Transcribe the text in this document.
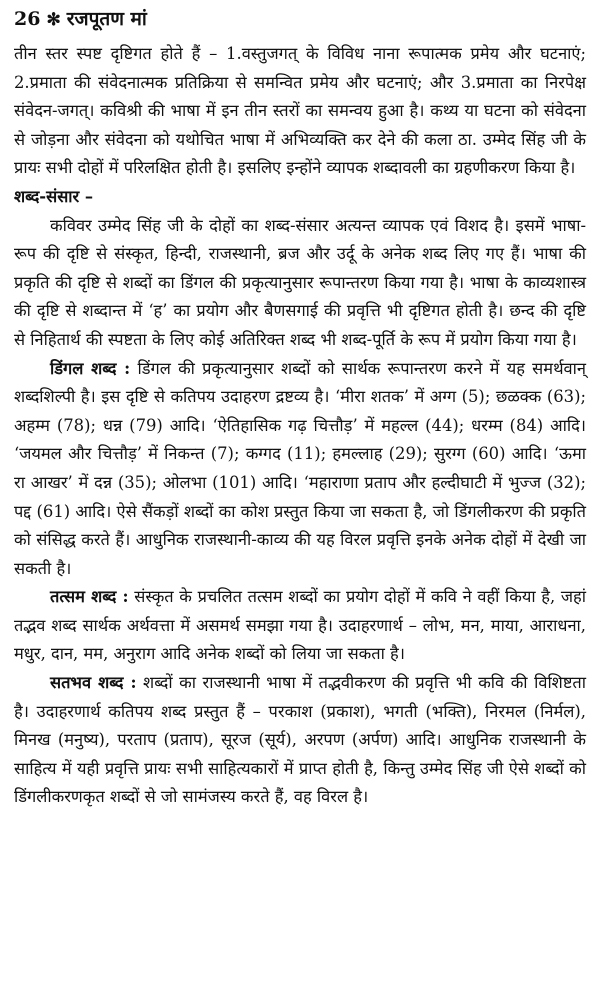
26 ✻ रजपूतण मां

तीन स्तर स्पष्ट दृष्टिगत होते हैं – 1.वस्तुजगत् के विविध नाना रूपात्मक प्रमेय और घटनाएं; 2.प्रमाता की संवेदनात्मक प्रतिक्रिया से समन्वित प्रमेय और घटनाएं; और 3.प्रमाता का निरपेक्ष संवेदन-जगत्। कविश्री की भाषा में इन तीन स्तरों का समन्वय हुआ है। कथ्य या घटना को संवेदना से जोड़ना और संवेदना को यथोचित भाषा में अभिव्यक्ति कर देने की कला ठा. उम्मेद सिंह जी के प्रायः सभी दोहों में परिलक्षित होती है। इसलिए इन्होंने व्यापक शब्दावली का ग्रहणीकरण किया है।

शब्द-संसार –

कविवर उम्मेद सिंह जी के दोहों का शब्द-संसार अत्यन्त व्यापक एवं विशद है। इसमें भाषा-रूप की दृष्टि से संस्कृत, हिन्दी, राजस्थानी, ब्रज और उर्दू के अनेक शब्द लिए गए हैं। भाषा की प्रकृति की दृष्टि से शब्दों का डिंगल की प्रकृत्यानुसार रूपान्तरण किया गया है। भाषा के काव्यशास्त्र की दृष्टि से शब्दान्त में ‘ह’ का प्रयोग और बैणसगाई की प्रवृत्ति भी दृष्टिगत होती है। छन्द की दृष्टि से निहितार्थ की स्पष्टता के लिए कोई अतिरिक्त शब्द भी शब्द-पूर्ति के रूप में प्रयोग किया गया है।

डिंगल शब्द : डिंगल की प्रकृत्यानुसार शब्दों को सार्थक रूपान्तरण करने में यह समर्थवान् शब्दशिल्पी है। इस दृष्टि से कतिपय उदाहरण द्रष्टव्य है। ‘मीरा शतक’ में अग्ग (5); छळक्क (63); अहम्म (78); धन्न (79) आदि। ‘ऐतिहासिक गढ़ चित्तौड़’ में महल्ल (44); धरम्म (84) आदि। ‘जयमल और चित्तौड़’ में निकन्त (7); कग्गद (11); हमल्लाह (29); सुरग्ग (60) आदि। ‘ऊमा रा आखर’ में दन्न (35); ओलभा (101) आदि। ‘महाराणा प्रताप और हल्दीघाटी में भुज्ज (32); पद्द (61) आदि। ऐसे सैंकड़ों शब्दों का कोश प्रस्तुत किया जा सकता है, जो डिंगलीकरण की प्रकृति को संसिद्ध करते हैं। आधुनिक राजस्थानी-काव्य की यह विरल प्रवृत्ति इनके अनेक दोहों में देखी जा सकती है।

तत्सम शब्द : संस्कृत के प्रचलित तत्सम शब्दों का प्रयोग दोहों में कवि ने वहीं किया है, जहां तद्भव शब्द सार्थक अर्थवत्ता में असमर्थ समझा गया है। उदाहरणार्थ – लोभ, मन, माया, आराधना, मधुर, दान, मम, अनुराग आदि अनेक शब्दों को लिया जा सकता है।

सतभव शब्द : शब्दों का राजस्थानी भाषा में तद्भवीकरण की प्रवृत्ति भी कवि की विशिष्टता है। उदाहरणार्थ कतिपय शब्द प्रस्तुत हैं – परकाश (प्रकाश), भगती (भक्ति), निरमल (निर्मल), मिनख (मनुष्य), परताप (प्रताप), सूरज (सूर्य), अरपण (अर्पण) आदि। आधुनिक राजस्थानी के साहित्य में यही प्रवृत्ति प्रायः सभी साहित्यकारों में प्राप्त होती है, किन्तु उम्मेद सिंह जी ऐसे शब्दों को डिंगलीकरणकृत शब्दों से जो सामंजस्य करते हैं, वह विरल है।
